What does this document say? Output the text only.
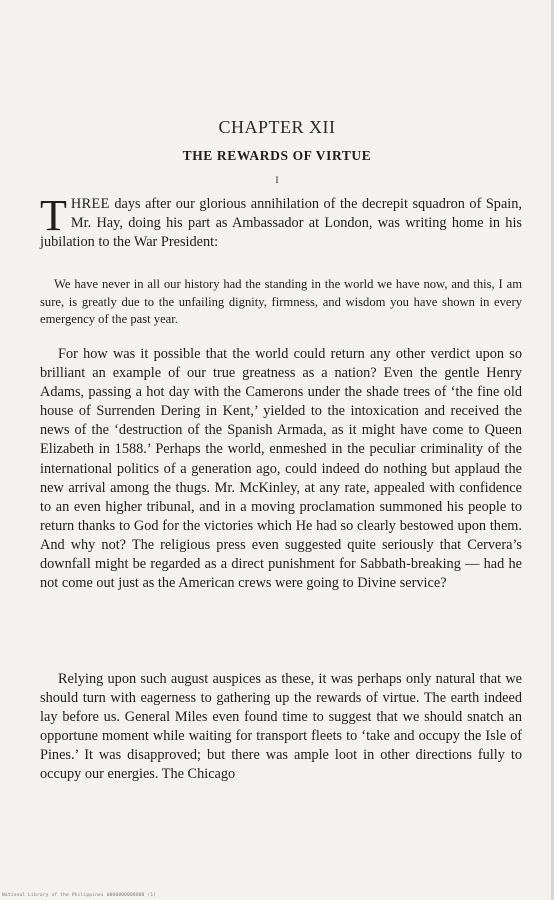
CHAPTER XII
THE REWARDS OF VIRTUE
I

THREE days after our glorious annihilation of the decrepit squadron of Spain, Mr. Hay, doing his part as Ambassador at London, was writing home in his jubilation to the War President:

We have never in all our history had the standing in the world we have now, and this, I am sure, is greatly due to the unfailing dignity, firmness, and wisdom you have shown in every emergency of the past year.

For how was it possible that the world could return any other verdict upon so brilliant an example of our true greatness as a nation? Even the gentle Henry Adams, passing a hot day with the Camerons under the shade trees of ‘the fine old house of Surrenden Dering in Kent,’ yielded to the intoxication and received the news of the ‘destruction of the Spanish Armada, as it might have come to Queen Elizabeth in 1588.’ Perhaps the world, enmeshed in the peculiar criminality of the international politics of a generation ago, could indeed do nothing but applaud the new arrival among the thugs. Mr. McKinley, at any rate, appealed with confidence to an even higher tribunal, and in a moving proclamation summoned his people to return thanks to God for the victories which He had so clearly bestowed upon them. And why not? The religious press even suggested quite seriously that Cervera’s downfall might be regarded as a direct punishment for Sabbath-breaking — had he not come out just as the American crews were going to Divine service?

Relying upon such august auspices as these, it was perhaps only natural that we should turn with eagerness to gathering up the rewards of virtue. The earth indeed lay before us. General Miles even found time to suggest that we should snatch an opportune moment while waiting for transport fleets to ‘take and occupy the Isle of Pines.’ It was disapproved; but there was ample loot in other directions fully to occupy our energies. The Chicago

National Library of the Philippines 0000000000000 (1)
